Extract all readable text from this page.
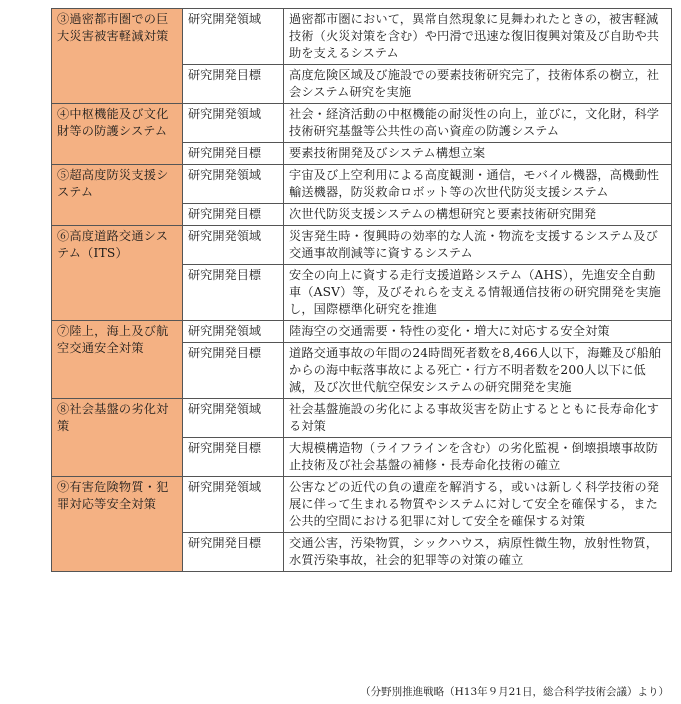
③過密都市圏での巨大災害被害軽減対策	研究開発領域	過密都市圏において，異常自然現象に見舞われたときの，被害軽減技術（火災対策を含む）や円滑で迅速な復旧復興対策及び自助や共助を支えるシステム
	研究開発目標	高度危険区域及び施設での要素技術研究完了，技術体系の樹立，社会システム研究を実施
④中枢機能及び文化財等の防護システム	研究開発領域	社会・経済活動の中枢機能の耐災性の向上，並びに，文化財，科学技術研究基盤等公共性の高い資産の防護システム
	研究開発目標	要素技術開発及びシステム構想立案
⑤超高度防災支援システム	研究開発領域	宇宙及び上空利用による高度観測・通信，モバイル機器，高機動性輸送機器，防災救命ロボット等の次世代防災支援システム
	研究開発目標	次世代防災支援システムの構想研究と要素技術研究開発
⑥高度道路交通システム（ITS）	研究開発領域	災害発生時・復興時の効率的な人流・物流を支援するシステム及び交通事故削減等に資するシステム
	研究開発目標	安全の向上に資する走行支援道路システム（AHS），先進安全自動車（ASV）等，及びそれらを支える情報通信技術の研究開発を実施し，国際標準化研究を推進
⑦陸上，海上及び航空交通安全対策	研究開発領域	陸海空の交通需要・特性の変化・増大に対応する安全対策
	研究開発目標	道路交通事故の年間の24時間死者数を8,466人以下，海難及び船舶からの海中転落事故による死亡・行方不明者数を200人以下に低減，及び次世代航空保安システムの研究開発を実施
⑧社会基盤の劣化対策	研究開発領域	社会基盤施設の劣化による事故災害を防止するとともに長寿命化する対策
	研究開発目標	大規模構造物（ライフラインを含む）の劣化監視・倒壊損壊事故防止技術及び社会基盤の補修・長寿命化技術の確立
⑨有害危険物質・犯罪対応等安全対策	研究開発領域	公害などの近代の負の遺産を解消する，或いは新しく科学技術の発展に伴って生まれる物質やシステムに対して安全を確保する，また公共的空間における犯罪に対して安全を確保する対策
	研究開発目標	交通公害，汚染物質，シックハウス，病原性微生物，放射性物質，水質汚染事故，社会的犯罪等の対策の確立
（分野別推進戦略（H13年９月21日，総合科学技術会議）より）
